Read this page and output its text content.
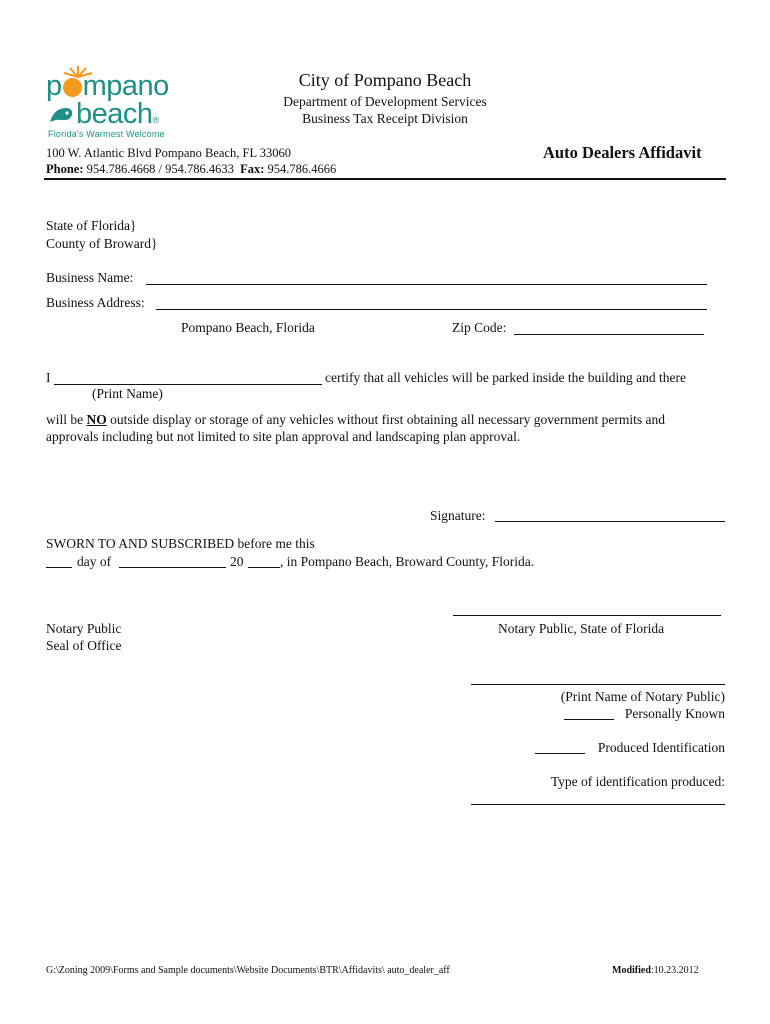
p mpano
beach®
Florida's Warmest Welcome
City of Pompano Beach
Department of Development Services
Business Tax Receipt Division
100 W. Atlantic Blvd Pompano Beach, FL 33060
Phone: 954.786.4668 / 954.786.4633 Fax: 954.786.4666
Auto Dealers Affidavit
State of Florida}
County of Broward}
Business Name:
Business Address:
Pompano Beach, Florida	Zip Code:
I	certify that all vehicles will be parked inside the building and there
(Print Name)
will be NO outside display or storage of any vehicles without first obtaining all necessary government permits and
approvals including but not limited to site plan approval and landscaping plan approval.
Signature:
SWORN TO AND SUBSCRIBED before me this
day of	20	, in Pompano Beach, Broward County, Florida.
Notary Public
Seal of Office
Notary Public, State of Florida
(Print Name of Notary Public)
Personally Known
Produced Identification
Type of identification produced:
G:\Zoning 2009\Forms and Sample documents\Website Documents\BTR\Affidavits\ auto_dealer_aff	Modified:10.23.2012
